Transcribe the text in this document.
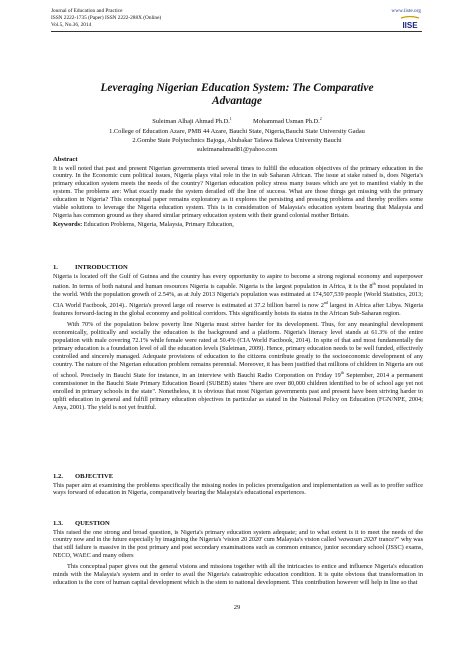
Journal of Education and Practice
ISSN 2222-1735 (Paper) ISSN 2222-288X (Online)
Vol.5, No.36, 2014
www.iiste.org
IISE
Leveraging Nigerian Education System: The Comparative
Advantage
Suleiman Alhaji Ahmad Ph.D.$^1$	Mohammad Usman Ph.D.$^2$
1.College of Education Azare, PMB 44 Azare, Bauchi State, Nigeria,Bauchi State University Gadau
2.Gombe State Polytechnics Bajoga, Abubakar Tafawa Balewa University Bauchi
suleimanahmad81@yahoo.com
Abstract

It is well noted that past and present Nigerian governments tried several times to fulfill the education objectives of the primary education in the country. In the Economic cum political issues, Nigeria plays vital role in the in sub Saharan African. The issue at stake raised is, does Nigeria's primary education system meets the needs of the country? Nigerian education policy stress many issues which are yet to manifest viably in the system. The problems are: What exactly made the system derailed off the line of success. What are those things get missing with the primary education in Nigeria? This conceptual paper remains exploratory as it explores the persisting and pressing problems and thereby proffers some viable solutions to leverage the Nigeria education system. This is in consideration of Malaysia's education system bearing that Malaysia and Nigeria has common ground as they shared similar primary education system with their grand colonial mother Britain.

Keywords: Education Problems, Nigeria, Malaysia, Primary Education,

1.	INTRODUCTION

Nigeria is located off the Gulf of Guinea and the country has every opportunity to aspire to become a strong regional economy and superpower nation. In terms of both natural and human resources Nigeria is capable. Nigeria is the largest population in Africa, it is the 8th most populated in the world. With the population growth of 2.54%, as at July 2013 Nigeria's population was estimated at 174,507,539 people (World Statistics, 2013; CIA World Factbook, 2014).. Nigeria's proved large oil reserve is estimated at 37.2 billion barrel is now 2nd largest in Africa after Libya. Nigeria features forward-facing in the global economy and political corridors. This significantly hoists its status in the African Sub-Saharan region.

With 70% of the population below poverty line Nigeria must strive harder for its development. Thus, for any meaningful development economically, politically and socially the education is the background and a platform. Nigeria's literacy level stands at 61.3% of the entire population with male covering 72.1% while female were rated at 50.4% (CIA World Factbook, 2014). In spite of that and most fundamentally the primary education is a foundation level of all the education levels (Suleiman, 2009). Hence, primary education needs to be well funded, effectively controlled and sincerely managed. Adequate provisions of education to the citizens contribute greatly to the socioeconomic development of any country. The nature of the Nigerian education problem remains perennial. Moreover, it has been justified that millions of children in Nigeria are out of school. Precisely in Bauchi State for instance, in an interview with Bauchi Radio Corporation on Friday 19th September, 2014 a permanent commissioner in the Bauchi State Primary Education Board (SUBEB) states "there are over 80,000 children identified to be of school age yet not enrolled in primary schools in the state". Nonetheless, it is obvious that most Nigerian governments past and present have been striving harder to uplift education in general and fulfill primary education objectives in particular as stated in the National Policy on Education (FGN/NPE, 2004; Anya, 2001). The yield is not yet fruitful.

1.2. OBJECTIVE

This paper aim at examining the problems specifically the missing nodes in policies promulgation and implementation as well as to proffer suffice ways forward of education in Nigeria, comparatively bearing the Malaysia's educational experiences.

1.3. QUESTION

This raised the one strong and broad question, is Nigeria's primary education system adequate; and to what extent is it to meet the needs of the country now and in the future especially by imagining the Nigeria's 'vision 20 2020' cum Malaysia's vision called 'wawasan 2020' trance?" why was that still failure is massive in the post primary and post secondary examinations such as common entrance, junior secondary school (JSSC) exams, NECO, WAEC and many others

This conceptual paper gives out the general visions and missions together with all the intricacies to entice and influence Nigeria's education minds with the Malaysia's system and in order to avail the Nigeria's catastrophic education condition. It is quite obvious that transformation in education is the core of human capital development which is the stem to national development. This contribution however will help in line so that

29
